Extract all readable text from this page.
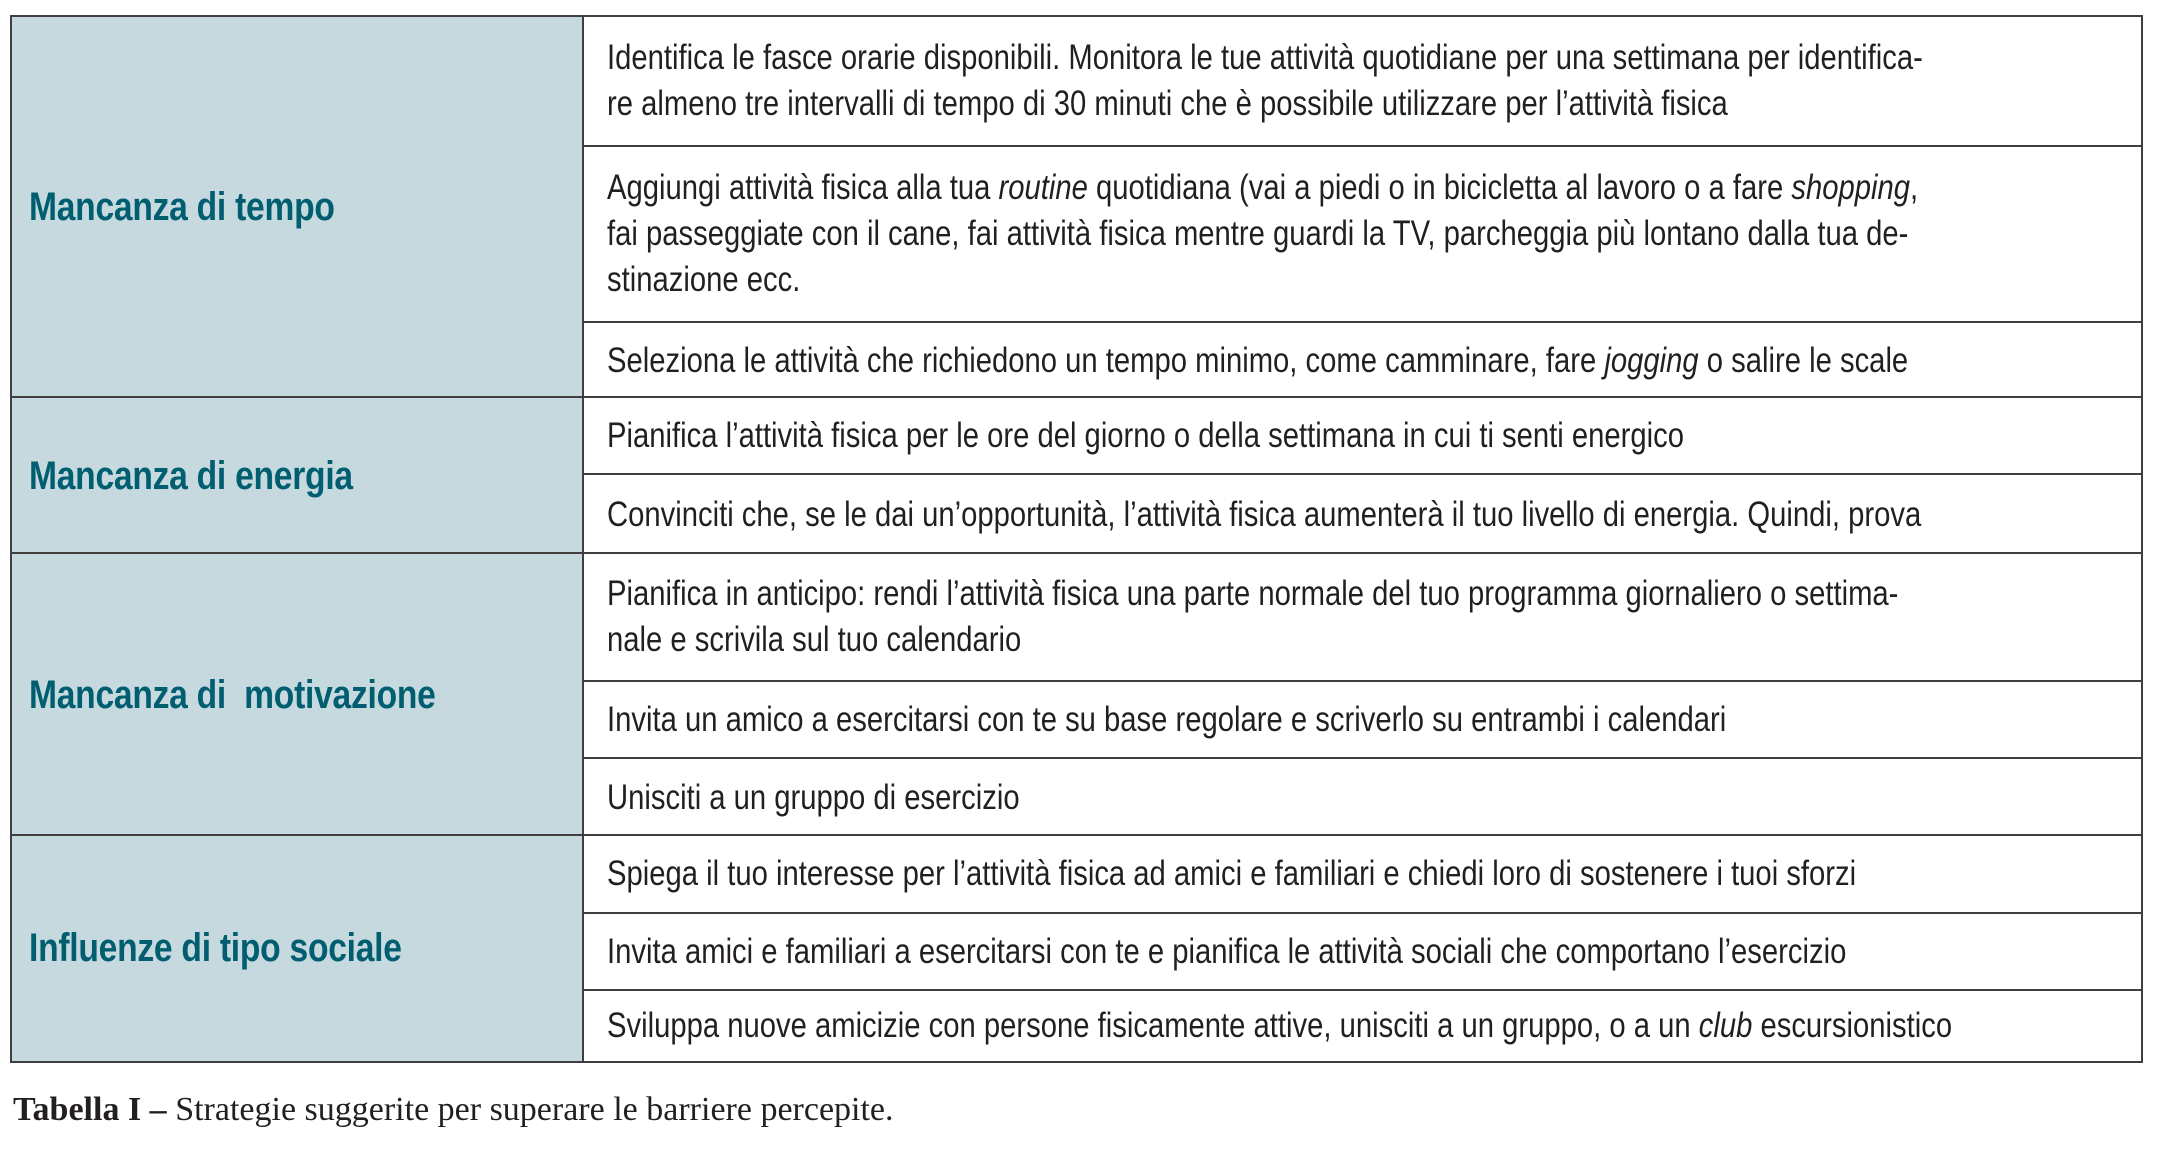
Mancanza di tempo
Identifica le fasce orarie disponibili. Monitora le tue attività quotidiane per una settimana per identifica-
re almeno tre intervalli di tempo di 30 minuti che è possibile utilizzare per l’attività fisica
Aggiungi attività fisica alla tua routine quotidiana (vai a piedi o in bicicletta al lavoro o a fare shopping,
fai passeggiate con il cane, fai attività fisica mentre guardi la TV, parcheggia più lontano dalla tua de-
stinazione ecc.
Seleziona le attività che richiedono un tempo minimo, come camminare, fare jogging o salire le scale
Mancanza di energia
Pianifica l’attività fisica per le ore del giorno o della settimana in cui ti senti energico
Convinciti che, se le dai un’opportunità, l’attività fisica aumenterà il tuo livello di energia. Quindi, prova
Mancanza di  motivazione
Pianifica in anticipo: rendi l’attività fisica una parte normale del tuo programma giornaliero o settima-
nale e scrivila sul tuo calendario
Invita un amico a esercitarsi con te su base regolare e scriverlo su entrambi i calendari
Unisciti a un gruppo di esercizio
Influenze di tipo sociale
Spiega il tuo interesse per l’attività fisica ad amici e familiari e chiedi loro di sostenere i tuoi sforzi
Invita amici e familiari a esercitarsi con te e pianifica le attività sociali che comportano l’esercizio
Sviluppa nuove amicizie con persone fisicamente attive, unisciti a un gruppo, o a un club escursionistico
Tabella I – Strategie suggerite per superare le barriere percepite.
